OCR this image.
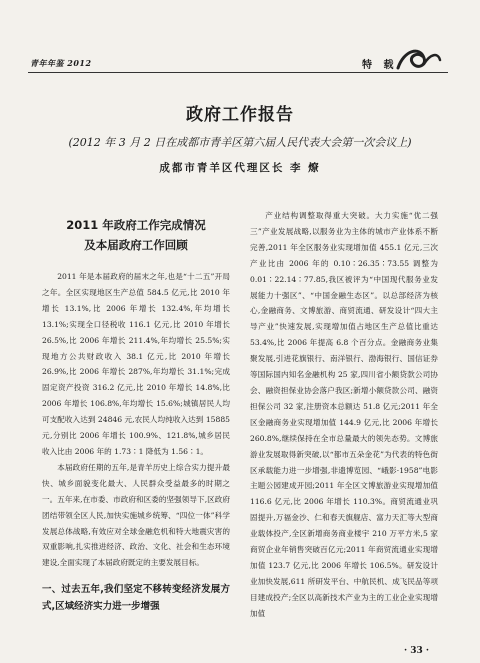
青年年鉴 2012	特 载
政府工作报告
(2012 年 3 月 2 日在成都市青羊区第六届人民代表大会第一次会议上)
成都市青羊区代理区长 李 燎
2011 年政府工作完成情况
及本届政府工作回顾

2011 年是本届政府的届末之年,也是“十二五”开局之年。全区实现地区生产总值 584.5 亿元,比 2010 年增长 13.1%,比 2006 年增长 132.4%,年均增长 13.1%;实现全口径税收 116.1 亿元,比 2010 年增长 26.5%,比 2006 年增长 211.4%,年均增长 25.5%;实现地方公共财政收入 38.1 亿元,比 2010 年增长 26.9%,比 2006 年增长 287%,年均增长 31.1%;完成固定资产投资 316.2 亿元,比 2010 年增长 14.8%,比 2006 年增长 106.8%,年均增长 15.6%;城镇居民人均可支配收入达到 24846 元,农民人均纯收入达到 15885 元,分别比 2006 年增长 100.9%、121.8%,城乡居民收入比由 2006 年的 1.73∶1 降低为 1.56∶1。

本届政府任期的五年,是青羊历史上综合实力提升最快、城乡面貌变化最大、人民群众受益最多的时期之一。五年来,在市委、市政府和区委的坚强领导下,区政府团结带领全区人民,加快实施城乡统筹、“四位一体”科学发展总体战略,有效应对全球金融危机和特大地震灾害的双重影响,扎实推进经济、政治、文化、社会和生态环境建设,全面实现了本届政府既定的主要发展目标。

一、过去五年,我们坚定不移转变经济发展方式,区域经济实力进一步增强

产业结构调整取得重大突破。大力实施“优二强三”产业发展战略,以服务业为主体的城市产业体系不断完善,2011 年全区服务业实现增加值 455.1 亿元,三次产业比由 2006 年的 0.10∶26.35∶73.55 调整为 0.01∶22.14∶77.85,我区被评为“中国现代服务业发展能力十强区”、“中国金融生态区”。以总部经济为核心,金融商务、文博旅游、商贸流通、研发设计“四大主导产业”快速发展,实现增加值占地区生产总值比重达 53.4%,比 2006 年提高 6.8 个百分点。金融商务业集聚发展,引进花旗银行、南洋银行、渤海银行、国信证券等国际国内知名金融机构 25 家,四川省小额贷款公司协会、融资担保业协会落户我区;新增小额贷款公司、融资担保公司 32 家,注册资本总额达 51.8 亿元;2011 年全区金融商务业实现增加值 144.9 亿元,比 2006 年增长 260.8%,继续保持在全市总量最大的领先态势。文博旅游业发展取得新突破,以“都市五朵金花”为代表的特色街区承载能力进一步增强,非遗博览园、“峨影·1958”电影主题公园建成开园;2011 年全区文博旅游业实现增加值 116.6 亿元,比 2006 年增长 110.3%。商贸流通业巩固提升,万福金沙、仁和春天旗舰店、富力天汇等大型商业载体投产,全区新增商务商业楼宇 210 万平方米,5 家商贸企业年销售突破百亿元;2011 年商贸流通业实现增加值 123.7 亿元,比 2006 年增长 106.5%。研发设计业加快发展,611 所研发平台、中航民机、成飞民品等项目建成投产;全区以高新技术产业为主的工业企业实现增加值

· 33 ·
